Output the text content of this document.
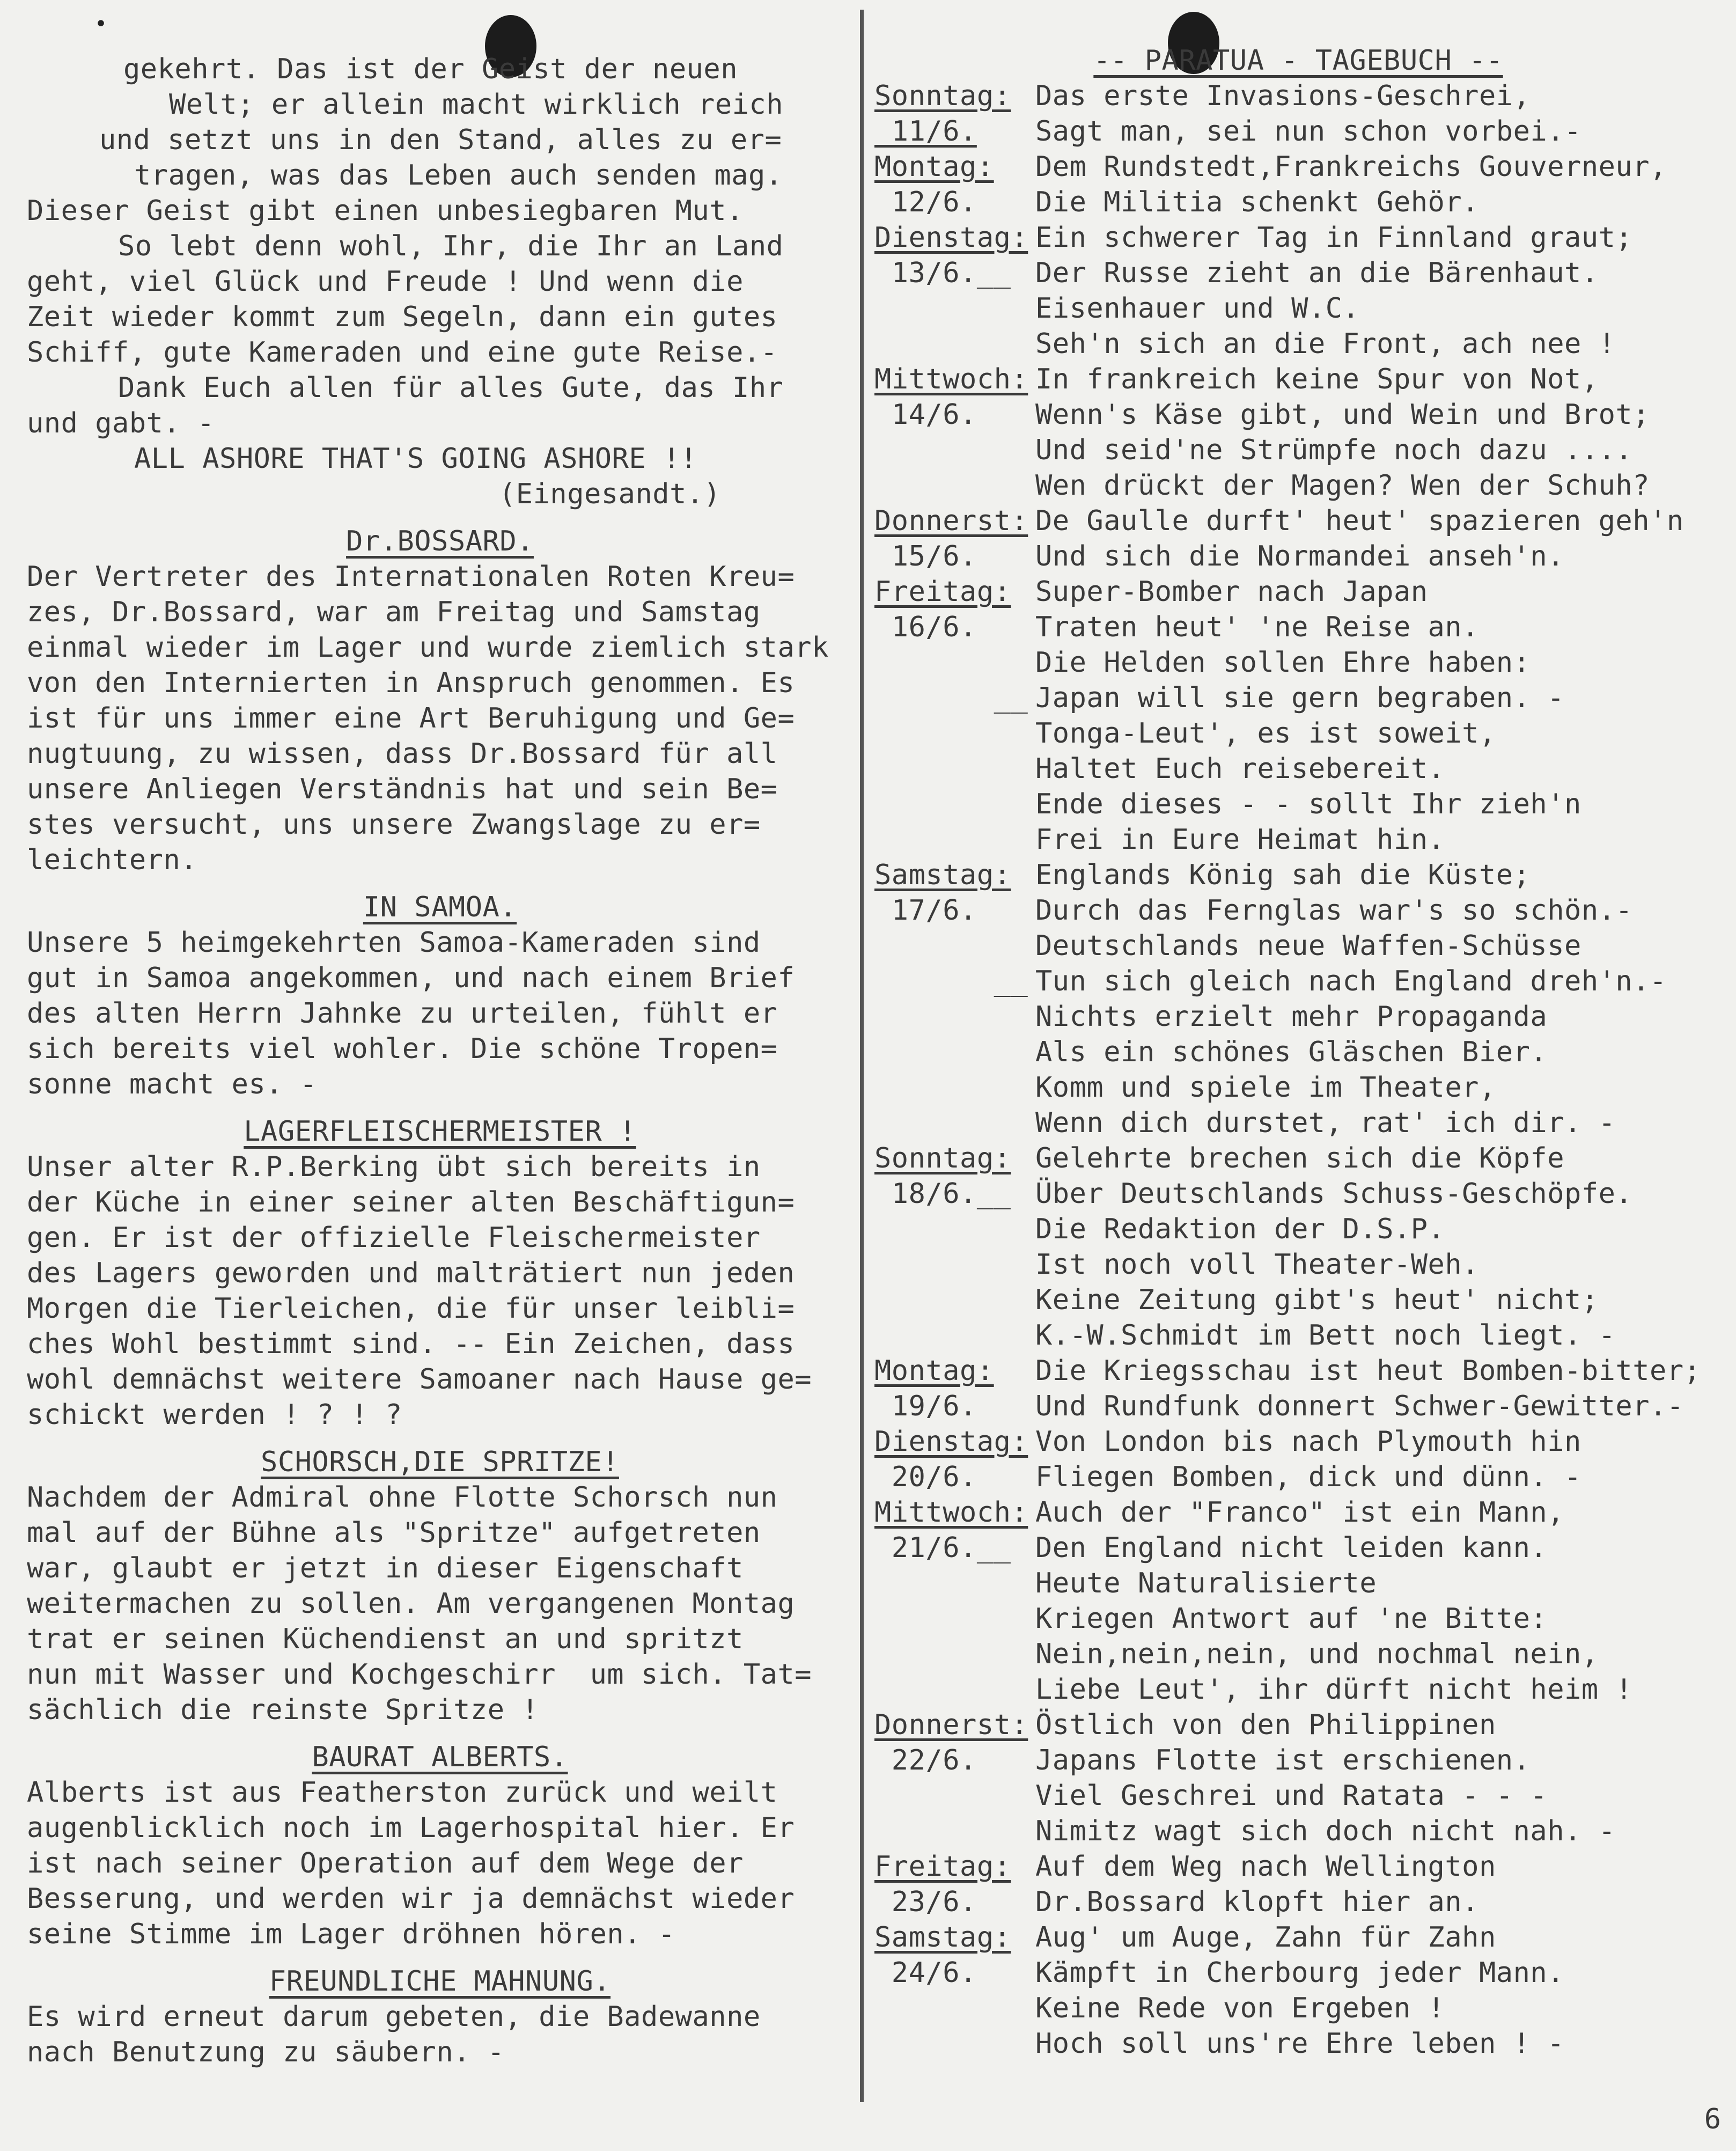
•
gekehrt. Das ist der Geist der neuen
Welt; er allein macht wirklich reich
und setzt uns in den Stand, alles zu er=
tragen, was das Leben auch senden mag.
Dieser Geist gibt einen unbesiegbaren Mut.
So lebt denn wohl, Ihr, die Ihr an Land
geht, viel Glück und Freude ! Und wenn die
Zeit wieder kommt zum Segeln, dann ein gutes
Schiff, gute Kameraden und eine gute Reise.-
Dank Euch allen für alles Gute, das Ihr
und gabt. -
ALL ASHORE THAT'S GOING ASHORE !!
(Eingesandt.)
Dr.BOSSARD.
Der Vertreter des Internationalen Roten Kreu=
zes, Dr.Bossard, war am Freitag und Samstag
einmal wieder im Lager und wurde ziemlich stark
von den Internierten in Anspruch genommen. Es
ist für uns immer eine Art Beruhigung und Ge=
nugtuung, zu wissen, dass Dr.Bossard für all
unsere Anliegen Verständnis hat und sein Be=
stes versucht, uns unsere Zwangslage zu er=
leichtern.
IN SAMOA.
Unsere 5 heimgekehrten Samoa-Kameraden sind
gut in Samoa angekommen, und nach einem Brief
des alten Herrn Jahnke zu urteilen, fühlt er
sich bereits viel wohler. Die schöne Tropen=
sonne macht es. -
LAGERFLEISCHERMEISTER !
Unser alter R.P.Berking übt sich bereits in
der Küche in einer seiner alten Beschäftigun=
gen. Er ist der offizielle Fleischermeister
des Lagers geworden und malträtiert nun jeden
Morgen die Tierleichen, die für unser leibli=
ches Wohl bestimmt sind. -- Ein Zeichen, dass
wohl demnächst weitere Samoaner nach Hause ge=
schickt werden ! ? ! ?
SCHORSCH,DIE SPRITZE!
Nachdem der Admiral ohne Flotte Schorsch nun
mal auf der Bühne als "Spritze" aufgetreten
war, glaubt er jetzt in dieser Eigenschaft
weitermachen zu sollen. Am vergangenen Montag
trat er seinen Küchendienst an und spritzt
nun mit Wasser und Kochgeschirr  um sich. Tat=
sächlich die reinste Spritze !
BAURAT ALBERTS.
Alberts ist aus Featherston zurück und weilt
augenblicklich noch im Lagerhospital hier. Er
ist nach seiner Operation auf dem Wege der
Besserung, und werden wir ja demnächst wieder
seine Stimme im Lager dröhnen hören. -
FREUNDLICHE MAHNUNG.
Es wird erneut darum gebeten, die Badewanne
nach Benutzung zu säubern. -
-- PARATUA - TAGEBUCH --
Sonntag: Das erste Invasions-Geschrei,
11/6.	Sagt man, sei nun schon vorbei.-
Montag:	Dem Rundstedt,Frankreichs Gouverneur,
12/6.	Die Militia schenkt Gehör.
Dienstag: Ein schwerer Tag in Finnland graut;
13/6.__ Der Russe zieht an die Bärenhaut.
Eisenhauer und W.C.
Seh'n sich an die Front, ach nee !
Mittwoch: In frankreich keine Spur von Not,
14/6.	Wenn's Käse gibt, und Wein und Brot;
Und seid'ne Strümpfe noch dazu ....
Wen drückt der Magen? Wen der Schuh?
Donnerst: De Gaulle durft' heut' spazieren geh'n
15/6.	Und sich die Normandei anseh'n.
Freitag: Super-Bomber nach Japan
16/6.	Traten heut' 'ne Reise an.
Die Helden sollen Ehre haben:
__ Japan will sie gern begraben. -
Tonga-Leut', es ist soweit,
Haltet Euch reisebereit.
Ende dieses - - sollt Ihr zieh'n
Frei in Eure Heimat hin.
Samstag: Englands König sah die Küste;
17/6.	Durch das Fernglas war's so schön.-
Deutschlands neue Waffen-Schüsse
__ Tun sich gleich nach England dreh'n.-
Nichts erzielt mehr Propaganda
Als ein schönes Gläschen Bier.
Komm und spiele im Theater,
Wenn dich durstet, rat' ich dir. -
Sonntag: Gelehrte brechen sich die Köpfe
18/6.__ Über Deutschlands Schuss-Geschöpfe.
Die Redaktion der D.S.P.
Ist noch voll Theater-Weh.
Keine Zeitung gibt's heut' nicht;
K.-W.Schmidt im Bett noch liegt. -
Montag:	Die Kriegsschau ist heut Bomben-bitter;
19/6.	Und Rundfunk donnert Schwer-Gewitter.-
Dienstag: Von London bis nach Plymouth hin
20/6.	Fliegen Bomben, dick und dünn. -
Mittwoch: Auch der "Franco" ist ein Mann,
21/6.__ Den England nicht leiden kann.
Heute Naturalisierte
Kriegen Antwort auf 'ne Bitte:
Nein,nein,nein, und nochmal nein,
Liebe Leut', ihr dürft nicht heim !
Donnerst: Östlich von den Philippinen
22/6.	Japans Flotte ist erschienen.
Viel Geschrei und Ratata - - -
Nimitz wagt sich doch nicht nah. -
Freitag: Auf dem Weg nach Wellington
23/6.	Dr.Bossard klopft hier an.
Samstag: Aug' um Auge, Zahn für Zahn
24/6.	Kämpft in Cherbourg jeder Mann.
Keine Rede von Ergeben !
Hoch soll uns're Ehre leben ! -
6
